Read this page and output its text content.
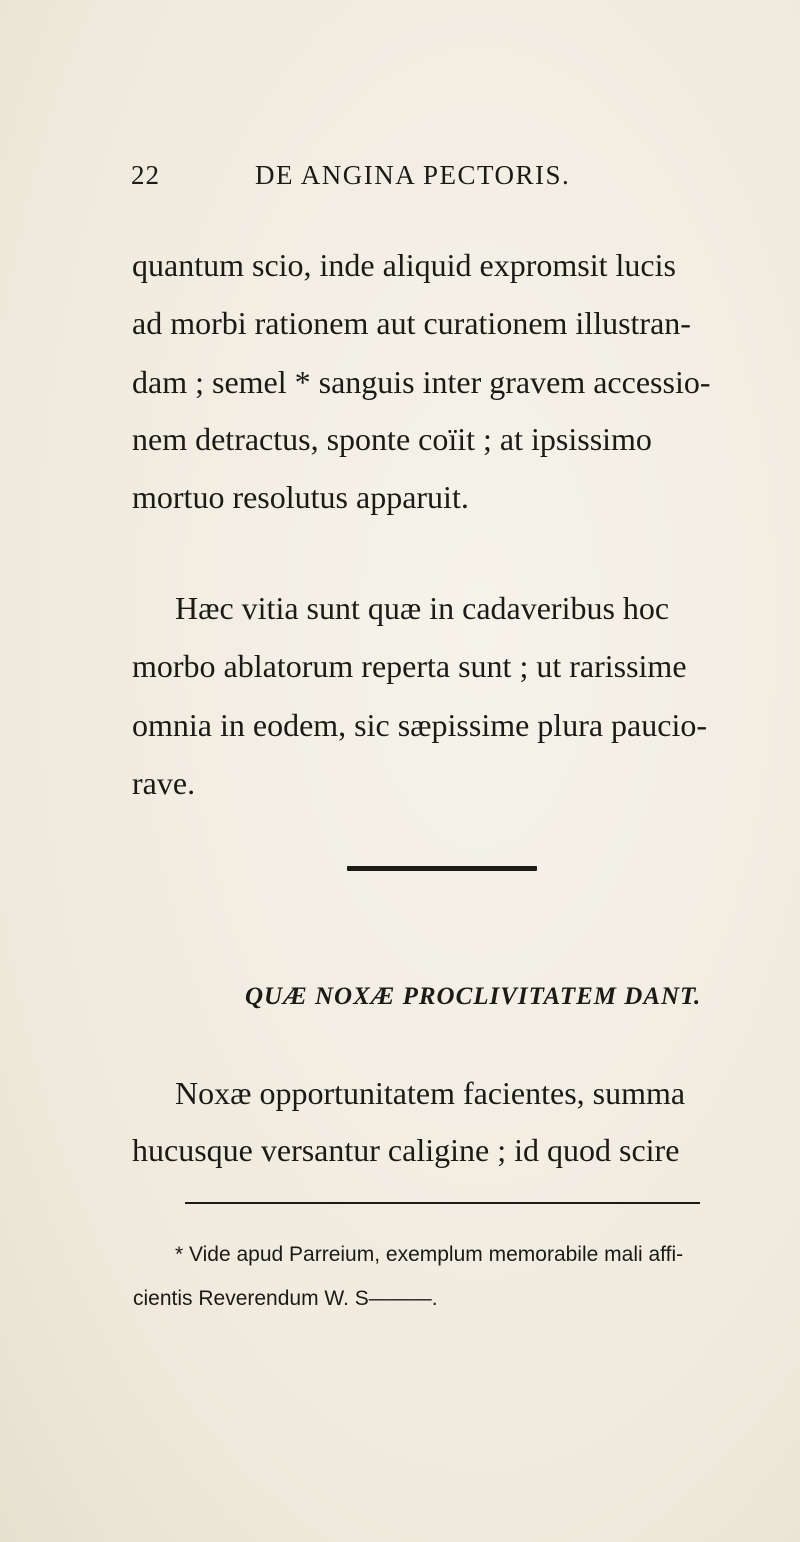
22	DE ANGINA PECTORIS.
quantum scio, inde aliquid expromsit lucis
ad morbi rationem aut curationem illustran-
dam ; semel * sanguis inter gravem accessio-
nem detractus, sponte coïit ; at ipsissimo
mortuo resolutus apparuit.
Hæc vitia sunt quæ in cadaveribus hoc
morbo ablatorum reperta sunt ; ut rarissime
omnia in eodem, sic sæpissime plura paucio-
rave.
QUÆ NOXÆ PROCLIVITATEM DANT.
Noxæ opportunitatem facientes, summa
hucusque versantur caligine ; id quod scire
* Vide apud Parreium, exemplum memorabile mali affi-
cientis Reverendum W. S———.
